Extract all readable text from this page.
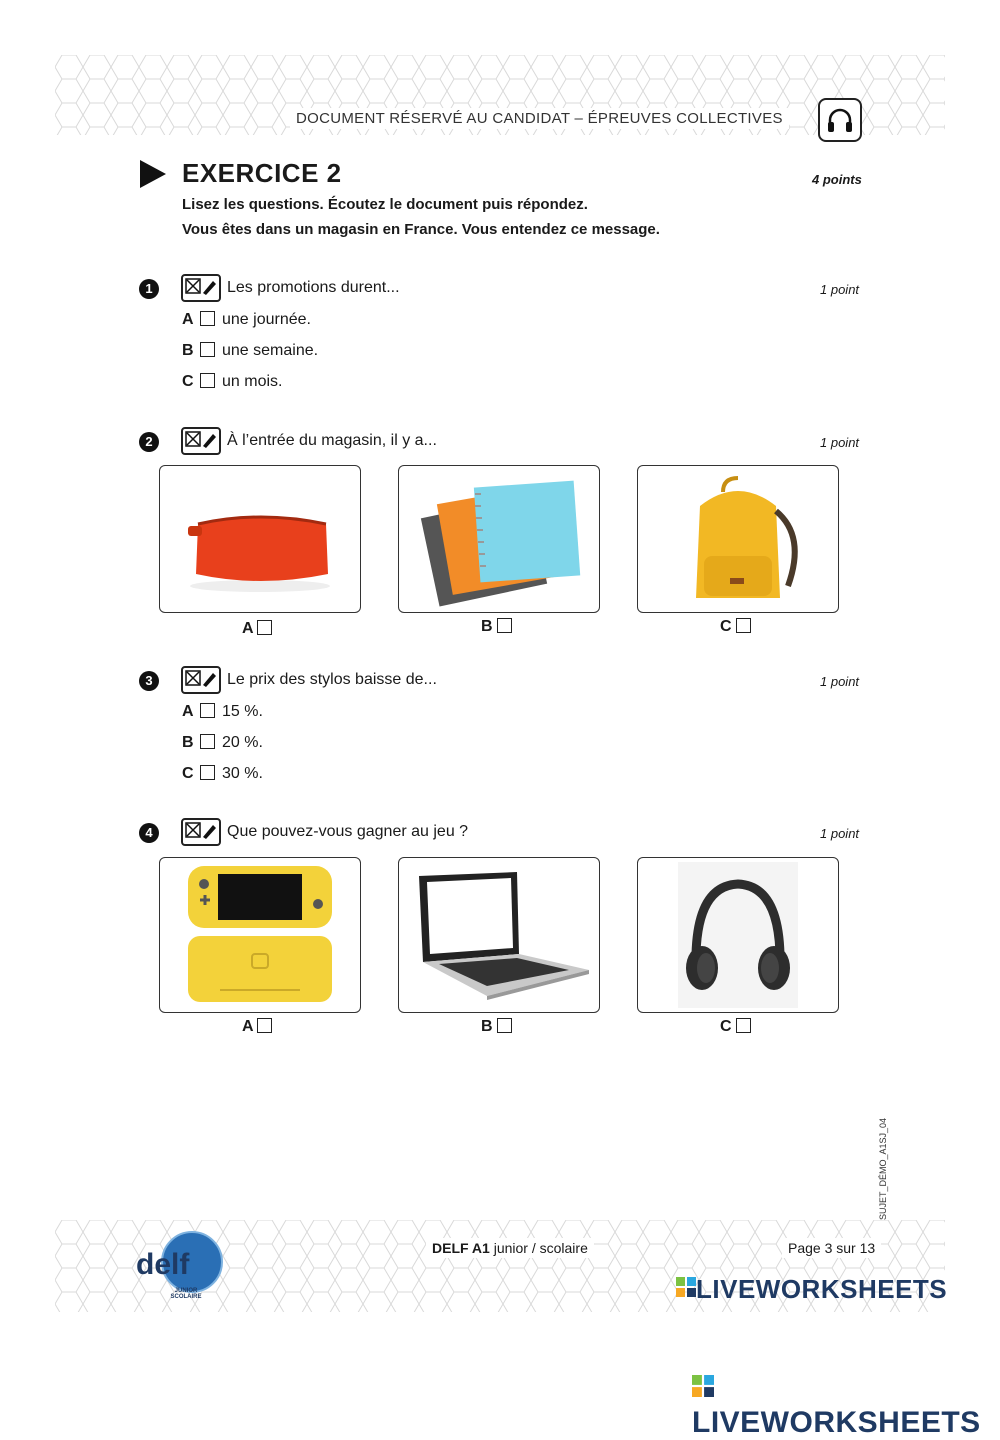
DOCUMENT RÉSERVÉ AU CANDIDAT – ÉPREUVES COLLECTIVES
EXERCICE 2	4 points
Lisez les questions. Écoutez le document puis répondez.
Vous êtes dans un magasin en France. Vous entendez ce message.
1	Les promotions durent...	1 point
A une journée.
B une semaine.
C un mois.
2	À l’entrée du magasin, il y a...	1 point
A	B	C
3	Le prix des stylos baisse de...	1 point
A 15 %.
B 20 %.
C 30 %.
4	Que pouvez-vous gagner au jeu ?	1 point
A	B	C
SUJET_DÉMO_A1SJ_04
delf
JUNIOR SCOLAIRE
DELF A1 junior / scolaire	Page 3 sur 13
LIVEWORKSHEETS
LIVEWORKSHEETS
